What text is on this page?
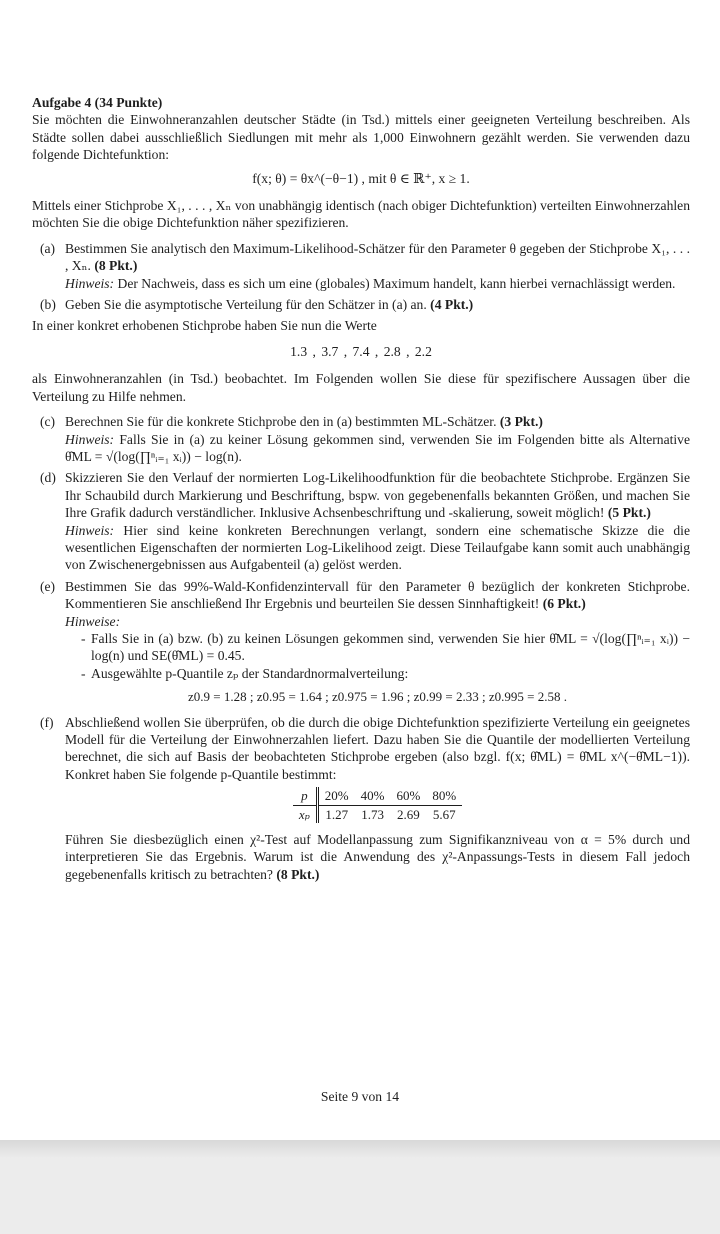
Aufgabe 4 (34 Punkte)

Sie möchten die Einwohneranzahlen deutscher Städte (in Tsd.) mittels einer geeigneten Verteilung beschreiben. Als Städte sollen dabei ausschließlich Siedlungen mit mehr als 1,000 Einwohnern gezählt werden. Sie verwenden dazu folgende Dichtefunktion:

f(x; θ) = θx^(−θ−1) , mit θ ∈ ℝ⁺, x ≥ 1.

Mittels einer Stichprobe X₁, . . . , Xₙ von unabhängig identisch (nach obiger Dichtefunktion) verteilten Einwohnerzahlen möchten Sie die obige Dichtefunktion näher spezifizieren.

(a) Bestimmen Sie analytisch den Maximum-Likelihood-Schätzer für den Parameter θ gegeben der Stichprobe X₁, . . . , Xₙ. (8 Pkt.)
Hinweis: Der Nachweis, dass es sich um eine (globales) Maximum handelt, kann hierbei vernachlässigt werden.
(b) Geben Sie die asymptotische Verteilung für den Schätzer in (a) an. (4 Pkt.)

In einer konkret erhobenen Stichprobe haben Sie nun die Werte

1.3 , 3.7 , 7.4 , 2.8 , 2.2

als Einwohneranzahlen (in Tsd.) beobachtet. Im Folgenden wollen Sie diese für spezifischere Aussagen über die Verteilung zu Hilfe nehmen.

(c) Berechnen Sie für die konkrete Stichprobe den in (a) bestimmten ML-Schätzer. (3 Pkt.)
Hinweis: Falls Sie in (a) zu keiner Lösung gekommen sind, verwenden Sie im Folgenden bitte als Alternative θ̂ML = √(log(∏ⁿᵢ₌₁ xᵢ)) − log(n).
(d) Skizzieren Sie den Verlauf der normierten Log-Likelihoodfunktion für die beobachtete Stichprobe. Ergänzen Sie Ihr Schaubild durch Markierung und Beschriftung, bspw. von gegebenenfalls bekannten Größen, und machen Sie Ihre Grafik dadurch verständlicher. Inklusive Achsenbeschriftung und -skalierung, soweit möglich! (5 Pkt.)
Hinweis: Hier sind keine konkreten Berechnungen verlangt, sondern eine schematische Skizze die die wesentlichen Eigenschaften der normierten Log-Likelihood zeigt. Diese Teilaufgabe kann somit auch unabhängig von Zwischenergebnissen aus Aufgabenteil (a) gelöst werden.
(e) Bestimmen Sie das 99%-Wald-Konfidenzintervall für den Parameter θ bezüglich der konkreten Stichprobe. Kommentieren Sie anschließend Ihr Ergebnis und beurteilen Sie dessen Sinnhaftigkeit! (6 Pkt.)
Hinweise:
- Falls Sie in (a) bzw. (b) zu keinen Lösungen gekommen sind, verwenden Sie hier θ̂ML = √(log(∏ⁿᵢ₌₁ xᵢ)) − log(n) und SE(θ̂ML) = 0.45.
- Ausgewählte p-Quantile zₚ der Standardnormalverteilung:

z0.9 = 1.28 ; z0.95 = 1.64 ; z0.975 = 1.96 ; z0.99 = 2.33 ; z0.995 = 2.58 .

(f) Abschließend wollen Sie überprüfen, ob die durch die obige Dichtefunktion spezifizierte Verteilung ein geeignetes Modell für die Verteilung der Einwohnerzahlen liefert. Dazu haben Sie die Quantile der modellierten Verteilung berechnet, die sich auf Basis der beobachteten Stichprobe ergeben (also bzgl. f(x; θ̂ML) = θ̂ML x^(−θ̂ML−1)). Konkret haben Sie folgende p-Quantile bestimmt:
p	20%	40%	60%	80%
xₚ	1.27	1.73	2.69	5.67
Führen Sie diesbezüglich einen χ²-Test auf Modellanpassung zum Signifikanzniveau von α = 5% durch und interpretieren Sie das Ergebnis. Warum ist die Anwendung des χ²-Anpassungs-Tests in diesem Fall jedoch gegebenenfalls kritisch zu betrachten? (8 Pkt.)
Seite 9 von 14
